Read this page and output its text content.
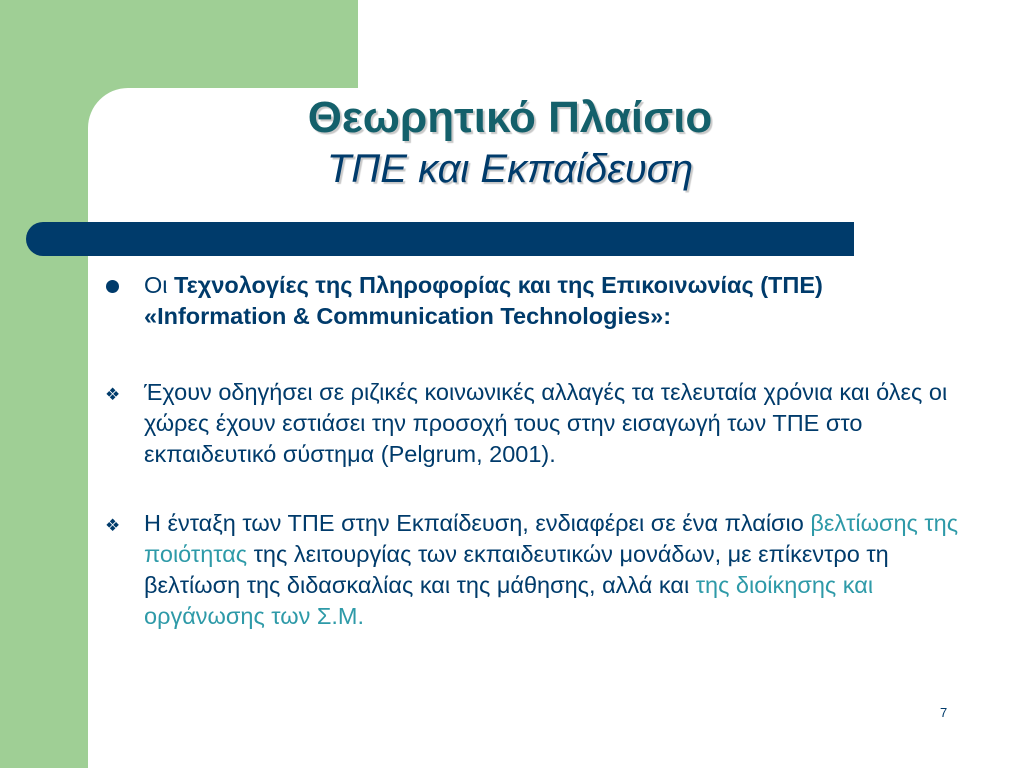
Θεωρητικό Πλαίσιο
ΤΠΕ και Εκπαίδευση
Οι Τεχνολογίες της Πληροφορίας και της Επικοινωνίας (ΤΠΕ) «Information & Communication Technologies»:
❖ Έχουν οδηγήσει σε ριζικές κοινωνικές αλλαγές τα τελευταία χρόνια και όλες οι χώρες έχουν εστιάσει την προσοχή τους στην εισαγωγή των ΤΠΕ στο εκπαιδευτικό σύστημα (Pelgrum, 2001).
❖ Η ένταξη των ΤΠΕ στην Εκπαίδευση, ενδιαφέρει σε ένα πλαίσιο βελτίωσης της ποιότητας της λειτουργίας των εκπαιδευτικών μονάδων, με επίκεντρο τη βελτίωση της διδασκαλίας και της μάθησης, αλλά και της διοίκησης και οργάνωσης των Σ.Μ.
7
